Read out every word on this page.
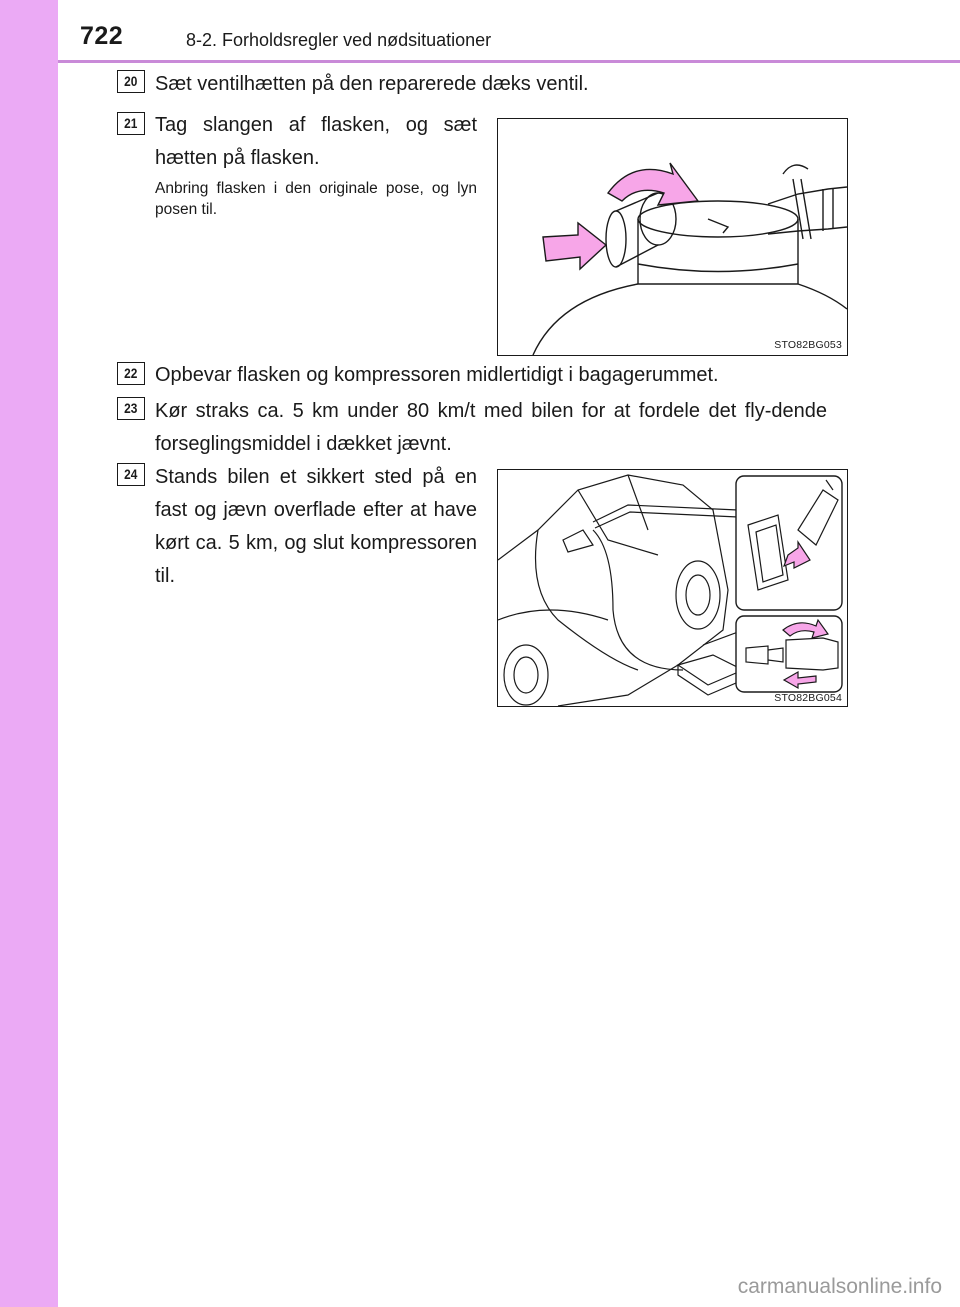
722	8-2. Forholdsregler ved nødsituationer
20 Sæt ventilhætten på den reparerede dæks ventil.
21 Tag slangen af flasken, og sæt hætten på flasken.
Anbring flasken i den originale pose, og lyn posen til.
STO82BG053
22 Opbevar flasken og kompressoren midlertidigt i bagagerummet.
23 Kør straks ca. 5 km under 80 km/t med bilen for at fordele det fly-dende forseglingsmiddel i dækket jævnt.
24 Stands bilen et sikkert sted på en fast og jævn overflade efter at have kørt ca. 5 km, og slut kompressoren til.
STO82BG054
carmanualsonline.info
